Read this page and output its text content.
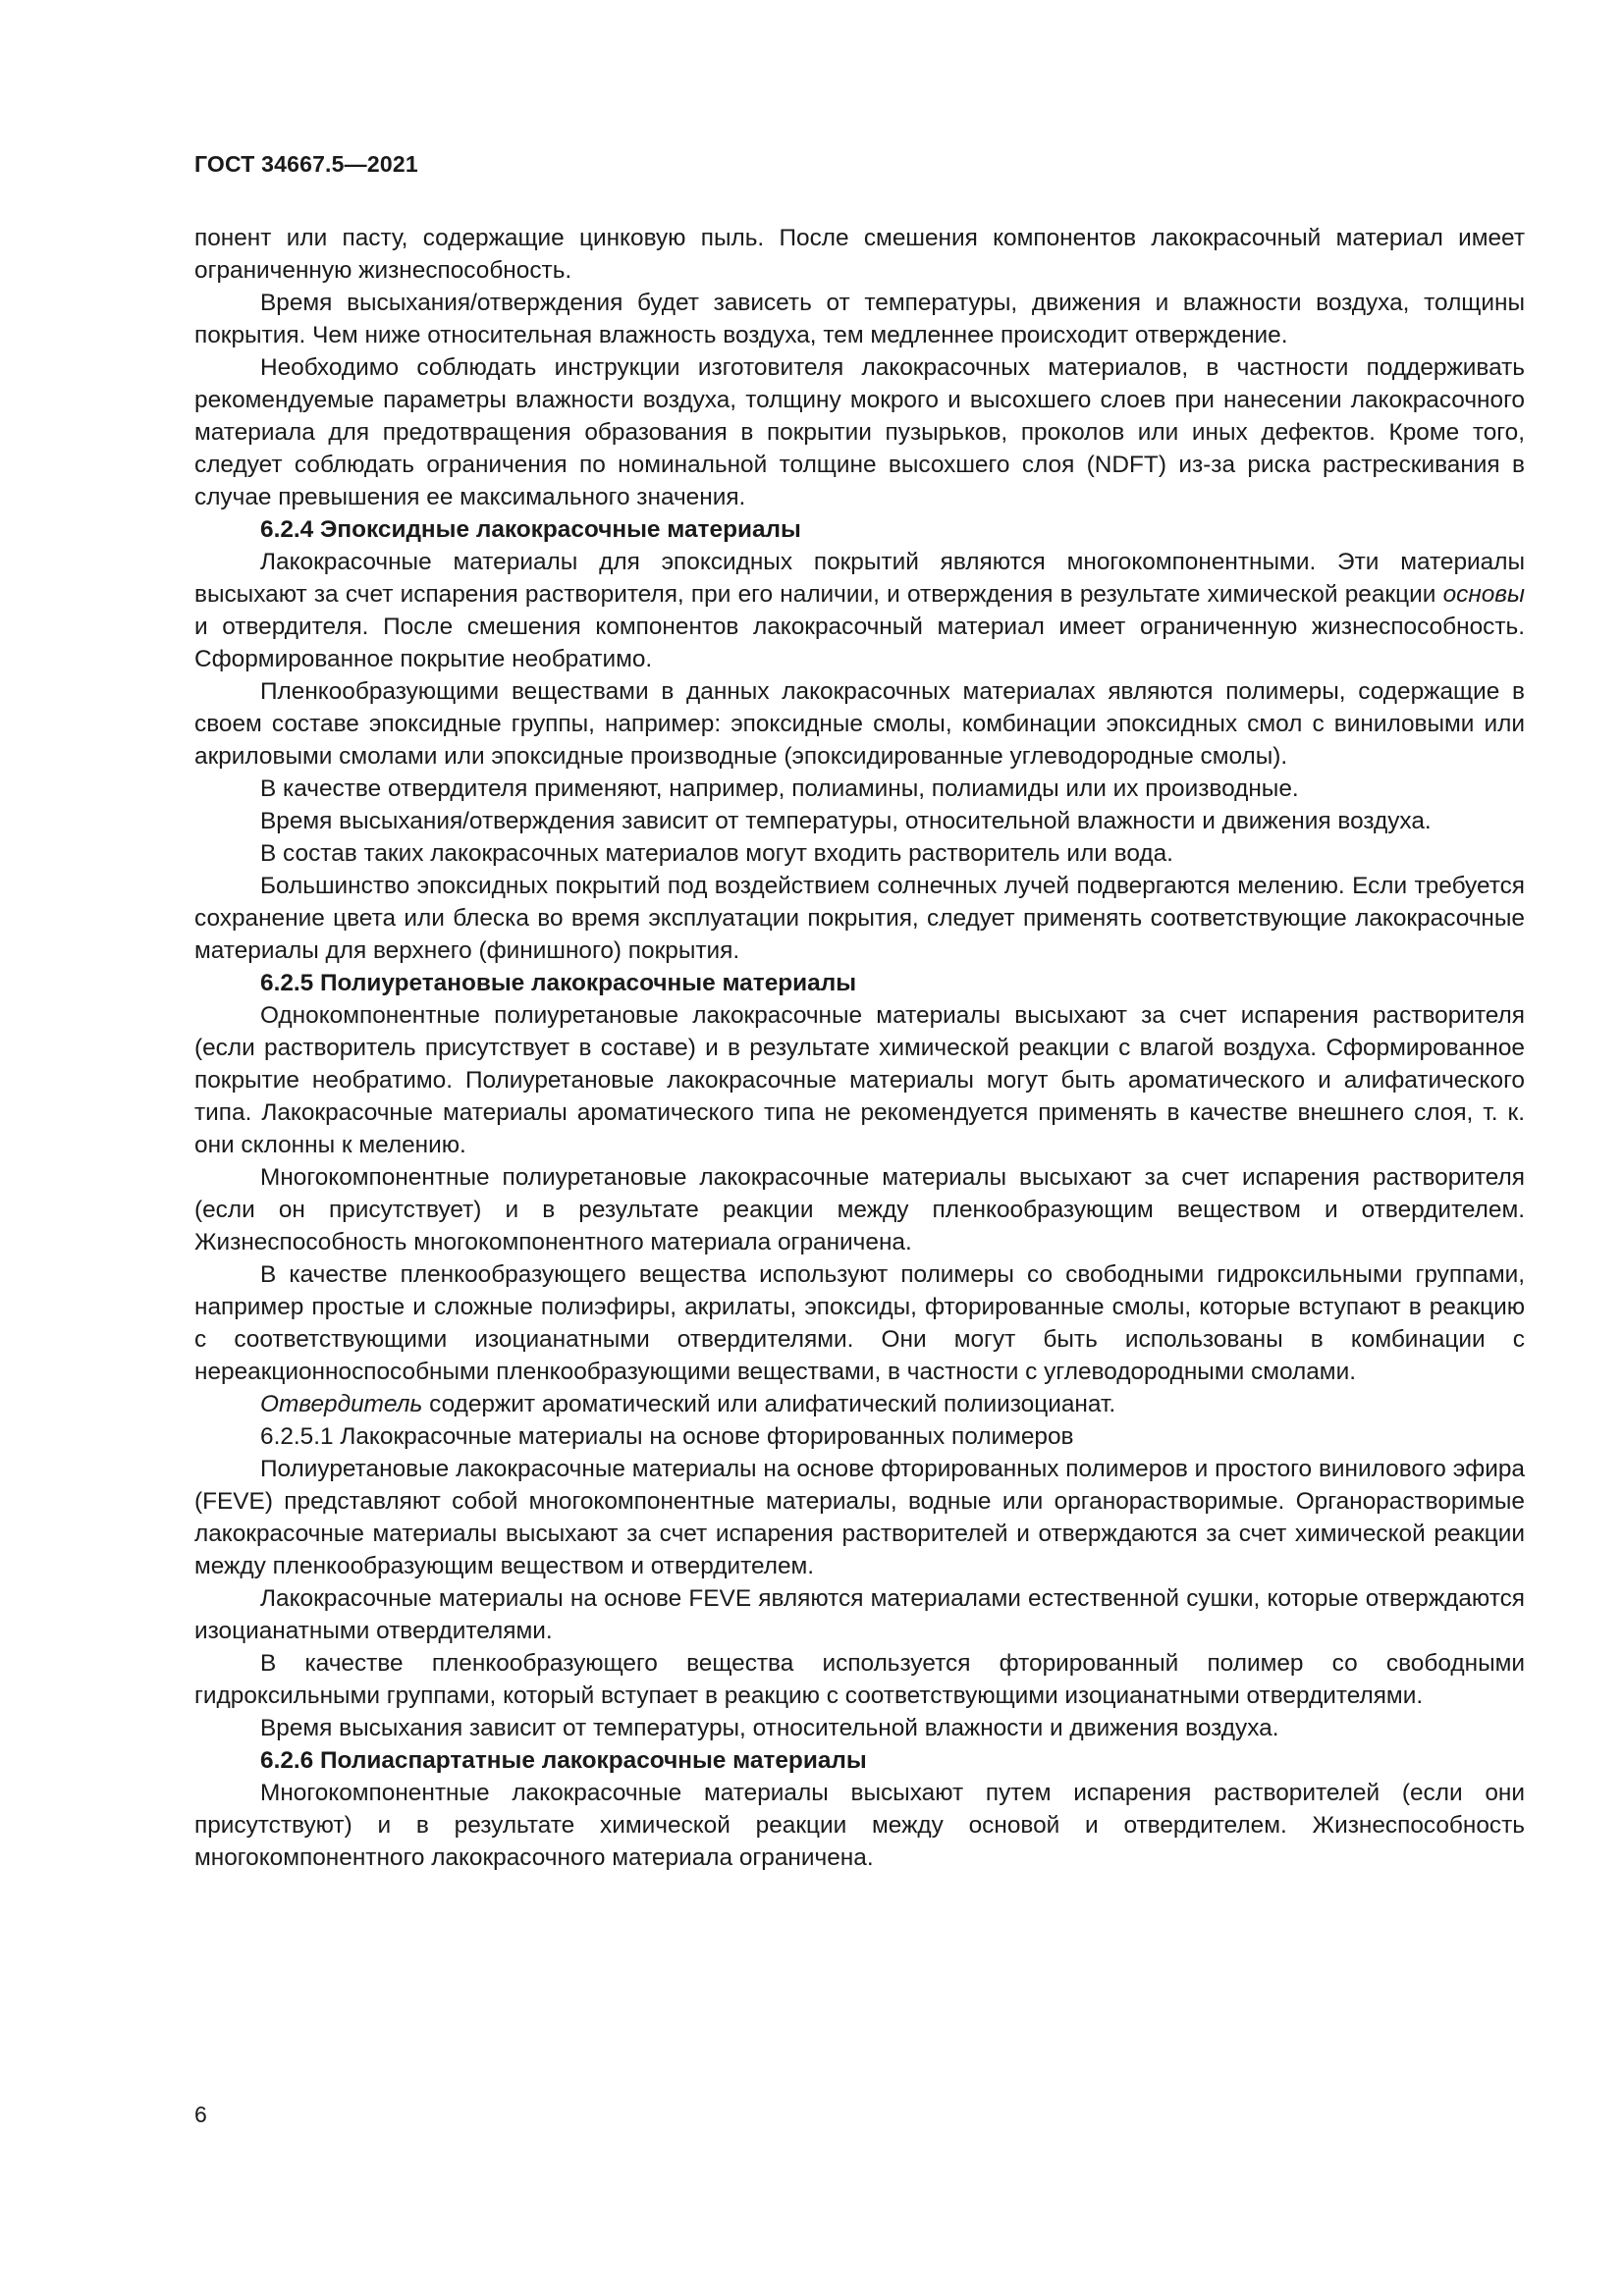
ГОСТ 34667.5—2021

понент или пасту, содержащие цинковую пыль. После смешения компонентов лакокрасочный материал имеет ограниченную жизнеспособность.

Время высыхания/отверждения будет зависеть от температуры, движения и влажности воздуха, толщины покрытия. Чем ниже относительная влажность воздуха, тем медленнее происходит отверждение.

Необходимо соблюдать инструкции изготовителя лакокрасочных материалов, в частности поддерживать рекомендуемые параметры влажности воздуха, толщину мокрого и высохшего слоев при нанесении лакокрасочного материала для предотвращения образования в покрытии пузырьков, проколов или иных дефектов. Кроме того, следует соблюдать ограничения по номинальной толщине высохшего слоя (NDFT) из-за риска растрескивания в случае превышения ее максимального значения.

6.2.4 Эпоксидные лакокрасочные материалы

Лакокрасочные материалы для эпоксидных покрытий являются многокомпонентными. Эти материалы высыхают за счет испарения растворителя, при его наличии, и отверждения в результате химической реакции основы и отвердителя. После смешения компонентов лакокрасочный материал имеет ограниченную жизнеспособность. Сформированное покрытие необратимо.

Пленкообразующими веществами в данных лакокрасочных материалах являются полимеры, содержащие в своем составе эпоксидные группы, например: эпоксидные смолы, комбинации эпоксидных смол с виниловыми или акриловыми смолами или эпоксидные производные (эпоксидированные углеводородные смолы).

В качестве отвердителя применяют, например, полиамины, полиамиды или их производные.

Время высыхания/отверждения зависит от температуры, относительной влажности и движения воздуха.

В состав таких лакокрасочных материалов могут входить растворитель или вода.

Большинство эпоксидных покрытий под воздействием солнечных лучей подвергаются мелению. Если требуется сохранение цвета или блеска во время эксплуатации покрытия, следует применять соответствующие лакокрасочные материалы для верхнего (финишного) покрытия.

6.2.5 Полиуретановые лакокрасочные материалы

Однокомпонентные полиуретановые лакокрасочные материалы высыхают за счет испарения растворителя (если растворитель присутствует в составе) и в результате химической реакции с влагой воздуха. Сформированное покрытие необратимо. Полиуретановые лакокрасочные материалы могут быть ароматического и алифатического типа. Лакокрасочные материалы ароматического типа не рекомендуется применять в качестве внешнего слоя, т. к. они склонны к мелению.

Многокомпонентные полиуретановые лакокрасочные материалы высыхают за счет испарения растворителя (если он присутствует) и в результате реакции между пленкообразующим веществом и отвердителем. Жизнеспособность многокомпонентного материала ограничена.

В качестве пленкообразующего вещества используют полимеры со свободными гидроксильными группами, например простые и сложные полиэфиры, акрилаты, эпоксиды, фторированные смолы, которые вступают в реакцию с соответствующими изоцианатными отвердителями. Они могут быть использованы в комбинации с нереакционноспособными пленкообразующими веществами, в частности с углеводородными смолами.

Отвердитель содержит ароматический или алифатический полиизоцианат.

6.2.5.1 Лакокрасочные материалы на основе фторированных полимеров

Полиуретановые лакокрасочные материалы на основе фторированных полимеров и простого винилового эфира (FEVE) представляют собой многокомпонентные материалы, водные или органорастворимые. Органорастворимые лакокрасочные материалы высыхают за счет испарения растворителей и отверждаются за счет химической реакции между пленкообразующим веществом и отвердителем.

Лакокрасочные материалы на основе FEVE являются материалами естественной сушки, которые отверждаются изоцианатными отвердителями.

В качестве пленкообразующего вещества используется фторированный полимер со свободными гидроксильными группами, который вступает в реакцию с соответствующими изоцианатными отвердителями.

Время высыхания зависит от температуры, относительной влажности и движения воздуха.

6.2.6 Полиаспартатные лакокрасочные материалы

Многокомпонентные лакокрасочные материалы высыхают путем испарения растворителей (если они присутствуют) и в результате химической реакции между основой и отвердителем. Жизнеспособность многокомпонентного лакокрасочного материала ограничена.

6
